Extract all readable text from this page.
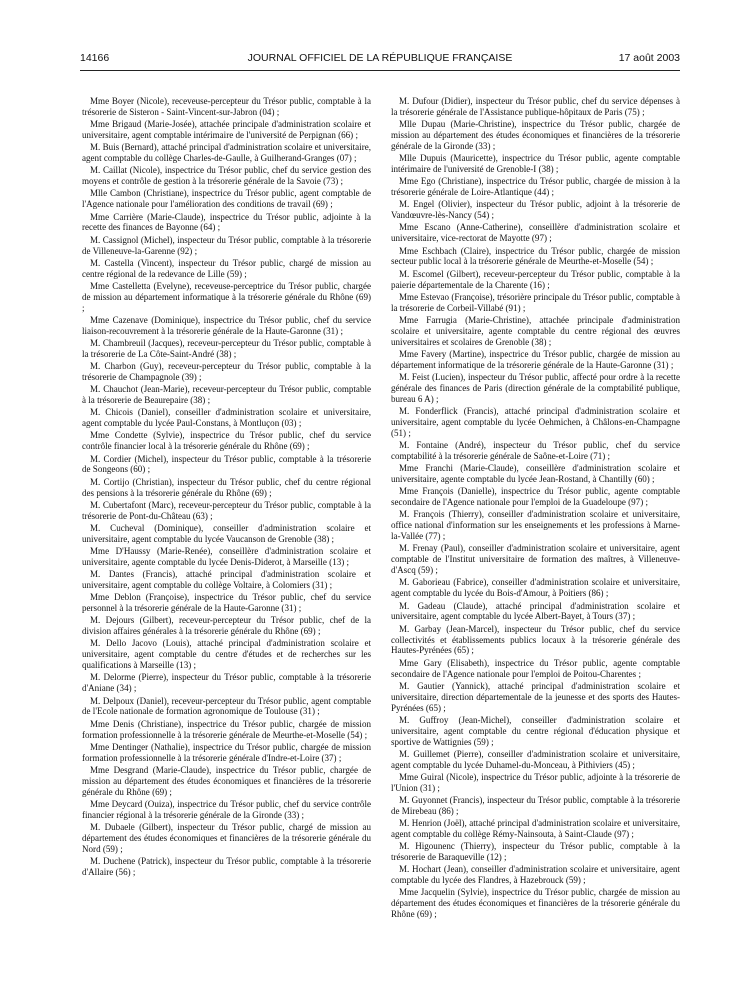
14166	JOURNAL OFFICIEL DE LA RÉPUBLIQUE FRANÇAISE	17 août 2003

Mme Boyer (Nicole), receveuse-percepteur du Trésor public, comptable à la trésorerie de Sisteron - Saint-Vincent-sur-Jabron (04) ;

Mme Brigaud (Marie-Josée), attachée principale d'administration scolaire et universitaire, agent comptable intérimaire de l'université de Perpignan (66) ;

M. Buis (Bernard), attaché principal d'administration scolaire et universitaire, agent comptable du collège Charles-de-Gaulle, à Guilherand-Granges (07) ;

M. Caillat (Nicole), inspectrice du Trésor public, chef du service gestion des moyens et contrôle de gestion à la trésorerie générale de la Savoie (73) ;

Mlle Cambon (Christiane), inspectrice du Trésor public, agent comptable de l'Agence nationale pour l'amélioration des conditions de travail (69) ;

Mme Carrière (Marie-Claude), inspectrice du Trésor public, adjointe à la recette des finances de Bayonne (64) ;

M. Cassignol (Michel), inspecteur du Trésor public, comptable à la trésorerie de Villeneuve-la-Garenne (92) ;

M. Castella (Vincent), inspecteur du Trésor public, chargé de mission au centre régional de la redevance de Lille (59) ;

Mme Castelletta (Evelyne), receveuse-perceptrice du Trésor public, chargée de mission au département informatique à la trésorerie générale du Rhône (69) ;

Mme Cazenave (Dominique), inspectrice du Trésor public, chef du service liaison-recouvrement à la trésorerie générale de la Haute-Garonne (31) ;

M. Chambreuil (Jacques), receveur-percepteur du Trésor public, comptable à la trésorerie de La Côte-Saint-André (38) ;

M. Charbon (Guy), receveur-percepteur du Trésor public, comptable à la trésorerie de Champagnole (39) ;

M. Chauchot (Jean-Marie), receveur-percepteur du Trésor public, comptable à la trésorerie de Beaurepaire (38) ;

M. Chicois (Daniel), conseiller d'administration scolaire et universitaire, agent comptable du lycée Paul-Constans, à Montluçon (03) ;

Mme Condette (Sylvie), inspectrice du Trésor public, chef du service contrôle financier local à la trésorerie générale du Rhône (69) ;

M. Cordier (Michel), inspecteur du Trésor public, comptable à la trésorerie de Songeons (60) ;

M. Cortijo (Christian), inspecteur du Trésor public, chef du centre régional des pensions à la trésorerie générale du Rhône (69) ;

M. Cubertafont (Marc), receveur-percepteur du Trésor public, comptable à la trésorerie de Pont-du-Château (63) ;

M. Cucheval (Dominique), conseiller d'administration scolaire et universitaire, agent comptable du lycée Vaucanson de Grenoble (38) ;

Mme D'Haussy (Marie-Renée), conseillère d'administration scolaire et universitaire, agente comptable du lycée Denis-Diderot, à Marseille (13) ;

M. Dantes (Francis), attaché principal d'administration scolaire et universitaire, agent comptable du collège Voltaire, à Colomiers (31) ;

Mme Deblon (Françoise), inspectrice du Trésor public, chef du service personnel à la trésorerie générale de la Haute-Garonne (31) ;

M. Dejours (Gilbert), receveur-percepteur du Trésor public, chef de la division affaires générales à la trésorerie générale du Rhône (69) ;

M. Dello Jacovo (Louis), attaché principal d'administration scolaire et universitaire, agent comptable du centre d'études et de recherches sur les qualifications à Marseille (13) ;

M. Delorme (Pierre), inspecteur du Trésor public, comptable à la trésorerie d'Aniane (34) ;

M. Delpoux (Daniel), receveur-percepteur du Trésor public, agent comptable de l'Ecole nationale de formation agronomique de Toulouse (31) ;

Mme Denis (Christiane), inspectrice du Trésor public, chargée de mission formation professionnelle à la trésorerie générale de Meurthe-et-Moselle (54) ;

Mme Dentinger (Nathalie), inspectrice du Trésor public, chargée de mission formation professionnelle à la trésorerie générale d'Indre-et-Loire (37) ;

Mme Desgrand (Marie-Claude), inspectrice du Trésor public, chargée de mission au département des études économiques et financières de la trésorerie générale du Rhône (69) ;

Mme Deycard (Ouiza), inspectrice du Trésor public, chef du service contrôle financier régional à la trésorerie générale de la Gironde (33) ;

M. Dubaele (Gilbert), inspecteur du Trésor public, chargé de mission au département des études économiques et financières de la trésorerie générale du Nord (59) ;

M. Duchene (Patrick), inspecteur du Trésor public, comptable à la trésorerie d'Allaire (56) ;

M. Dufour (Didier), inspecteur du Trésor public, chef du service dépenses à la trésorerie générale de l'Assistance publique-hôpitaux de Paris (75) ;

Mlle Dupau (Marie-Christine), inspectrice du Trésor public, chargée de mission au département des études économiques et financières de la trésorerie générale de la Gironde (33) ;

Mlle Dupuis (Mauricette), inspectrice du Trésor public, agente comptable intérimaire de l'université de Grenoble-I (38) ;

Mme Ego (Christiane), inspectrice du Trésor public, chargée de mission à la trésorerie générale de Loire-Atlantique (44) ;

M. Engel (Olivier), inspecteur du Trésor public, adjoint à la trésorerie de Vandœuvre-lès-Nancy (54) ;

Mme Escano (Anne-Catherine), conseillère d'administration scolaire et universitaire, vice-rectorat de Mayotte (97) ;

Mme Eschbach (Claire), inspectrice du Trésor public, chargée de mission secteur public local à la trésorerie générale de Meurthe-et-Moselle (54) ;

M. Escomel (Gilbert), receveur-percepteur du Trésor public, comptable à la paierie départementale de la Charente (16) ;

Mme Estevao (Françoise), trésorière principale du Trésor public, comptable à la trésorerie de Corbeil-Villabé (91) ;

Mme Farrugia (Marie-Christine), attachée principale d'administration scolaire et universitaire, agente comptable du centre régional des œuvres universitaires et scolaires de Grenoble (38) ;

Mme Favery (Martine), inspectrice du Trésor public, chargée de mission au département informatique de la trésorerie générale de la Haute-Garonne (31) ;

M. Feist (Lucien), inspecteur du Trésor public, affecté pour ordre à la recette générale des finances de Paris (direction générale de la comptabilité publique, bureau 6 A) ;

M. Fonderflick (Francis), attaché principal d'administration scolaire et universitaire, agent comptable du lycée Oehmichen, à Châlons-en-Champagne (51) ;

M. Fontaine (André), inspecteur du Trésor public, chef du service comptabilité à la trésorerie générale de Saône-et-Loire (71) ;

Mme Franchi (Marie-Claude), conseillère d'administration scolaire et universitaire, agente comptable du lycée Jean-Rostand, à Chantilly (60) ;

Mme François (Danielle), inspectrice du Trésor public, agente comptable secondaire de l'Agence nationale pour l'emploi de la Guadeloupe (97) ;

M. François (Thierry), conseiller d'administration scolaire et universitaire, office national d'information sur les enseignements et les professions à Marne-la-Vallée (77) ;

M. Frenay (Paul), conseiller d'administration scolaire et universitaire, agent comptable de l'Institut universitaire de formation des maîtres, à Villeneuve-d'Ascq (59) ;

M. Gaborieau (Fabrice), conseiller d'administration scolaire et universitaire, agent comptable du lycée du Bois-d'Amour, à Poitiers (86) ;

M. Gadeau (Claude), attaché principal d'administration scolaire et universitaire, agent comptable du lycée Albert-Bayet, à Tours (37) ;

M. Garbay (Jean-Marcel), inspecteur du Trésor public, chef du service collectivités et établissements publics locaux à la trésorerie générale des Hautes-Pyrénées (65) ;

Mme Gary (Elisabeth), inspectrice du Trésor public, agente comptable secondaire de l'Agence nationale pour l'emploi de Poitou-Charentes ;

M. Gautier (Yannick), attaché principal d'administration scolaire et universitaire, direction départementale de la jeunesse et des sports des Hautes-Pyrénées (65) ;

M. Guffroy (Jean-Michel), conseiller d'administration scolaire et universitaire, agent comptable du centre régional d'éducation physique et sportive de Wattignies (59) ;

M. Guillemet (Pierre), conseiller d'administration scolaire et universitaire, agent comptable du lycée Duhamel-du-Monceau, à Pithiviers (45) ;

Mme Guiral (Nicole), inspectrice du Trésor public, adjointe à la trésorerie de l'Union (31) ;

M. Guyonnet (Francis), inspecteur du Trésor public, comptable à la trésorerie de Mirebeau (86) ;

M. Henrion (Joël), attaché principal d'administration scolaire et universitaire, agent comptable du collège Rémy-Nainsouta, à Saint-Claude (97) ;

M. Higounenc (Thierry), inspecteur du Trésor public, comptable à la trésorerie de Baraqueville (12) ;

M. Hochart (Jean), conseiller d'administration scolaire et universitaire, agent comptable du lycée des Flandres, à Hazebrouck (59) ;

Mme Jacquelin (Sylvie), inspectrice du Trésor public, chargée de mission au département des études économiques et financières de la trésorerie générale du Rhône (69) ;
